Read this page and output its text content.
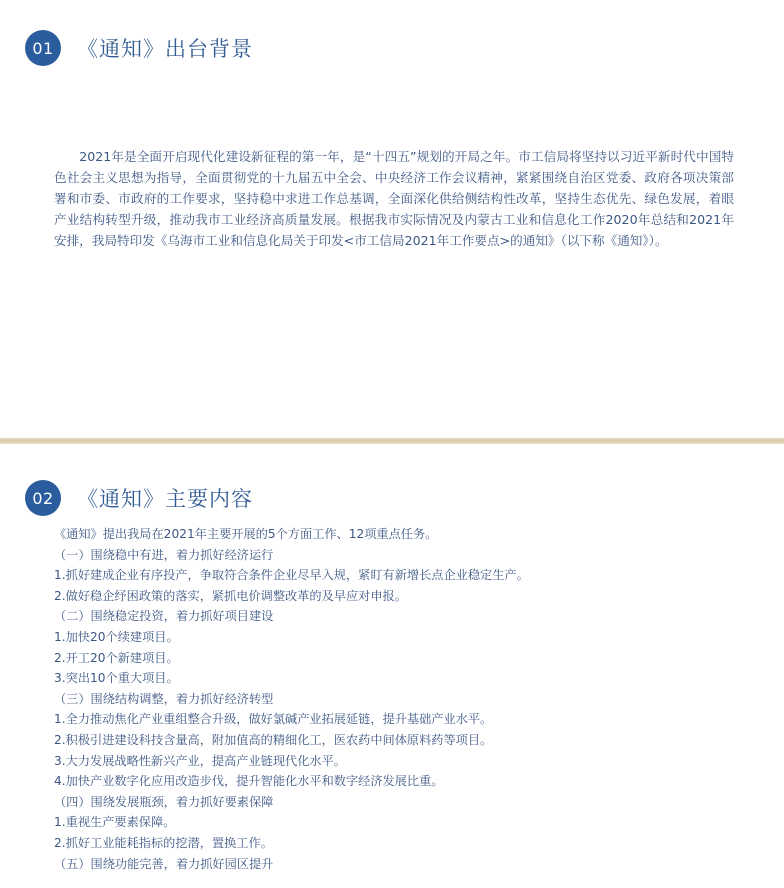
01	《通知》出台背景

2021年是全面开启现代化建设新征程的第一年，是“十四五”规划的开局之年。市工信局将坚持以习近平新时代中国特色社会主义思想为指导，全面贯彻党的十九届五中全会、中央经济工作会议精神，紧紧围绕自治区党委、政府各项决策部署和市委、市政府的工作要求，坚持稳中求进工作总基调，全面深化供给侧结构性改革，坚持生态优先、绿色发展，着眼产业结构转型升级，推动我市工业经济高质量发展。根据我市实际情况及内蒙古工业和信息化工作2020年总结和2021年安排，我局特印发《乌海市工业和信息化局关于印发<市工信局2021年工作要点>的通知》（以下称《通知》）。

02	《通知》主要内容
《通知》提出我局在2021年主要开展的5个方面工作、12项重点任务。
（一）围绕稳中有进，着力抓好经济运行
1.抓好建成企业有序投产，争取符合条件企业尽早入规，紧盯有新增长点企业稳定生产。
2.做好稳企纾困政策的落实，紧抓电价调整改革的及早应对申报。
（二）围绕稳定投资，着力抓好项目建设
1.加快20个续建项目。
2.开工20个新建项目。
3.突出10个重大项目。
（三）围绕结构调整，着力抓好经济转型
1.全力推动焦化产业重组整合升级，做好氯碱产业拓展延链，提升基础产业水平。
2.积极引进建设科技含量高，附加值高的精细化工，医农药中间体原料药等项目。
3.大力发展战略性新兴产业，提高产业链现代化水平。
4.加快产业数字化应用改造步伐，提升智能化水平和数字经济发展比重。
（四）围绕发展瓶颈，着力抓好要素保障
1.重视生产要素保障。
2.抓好工业能耗指标的挖潜，置换工作。
（五）围绕功能完善，着力抓好园区提升
